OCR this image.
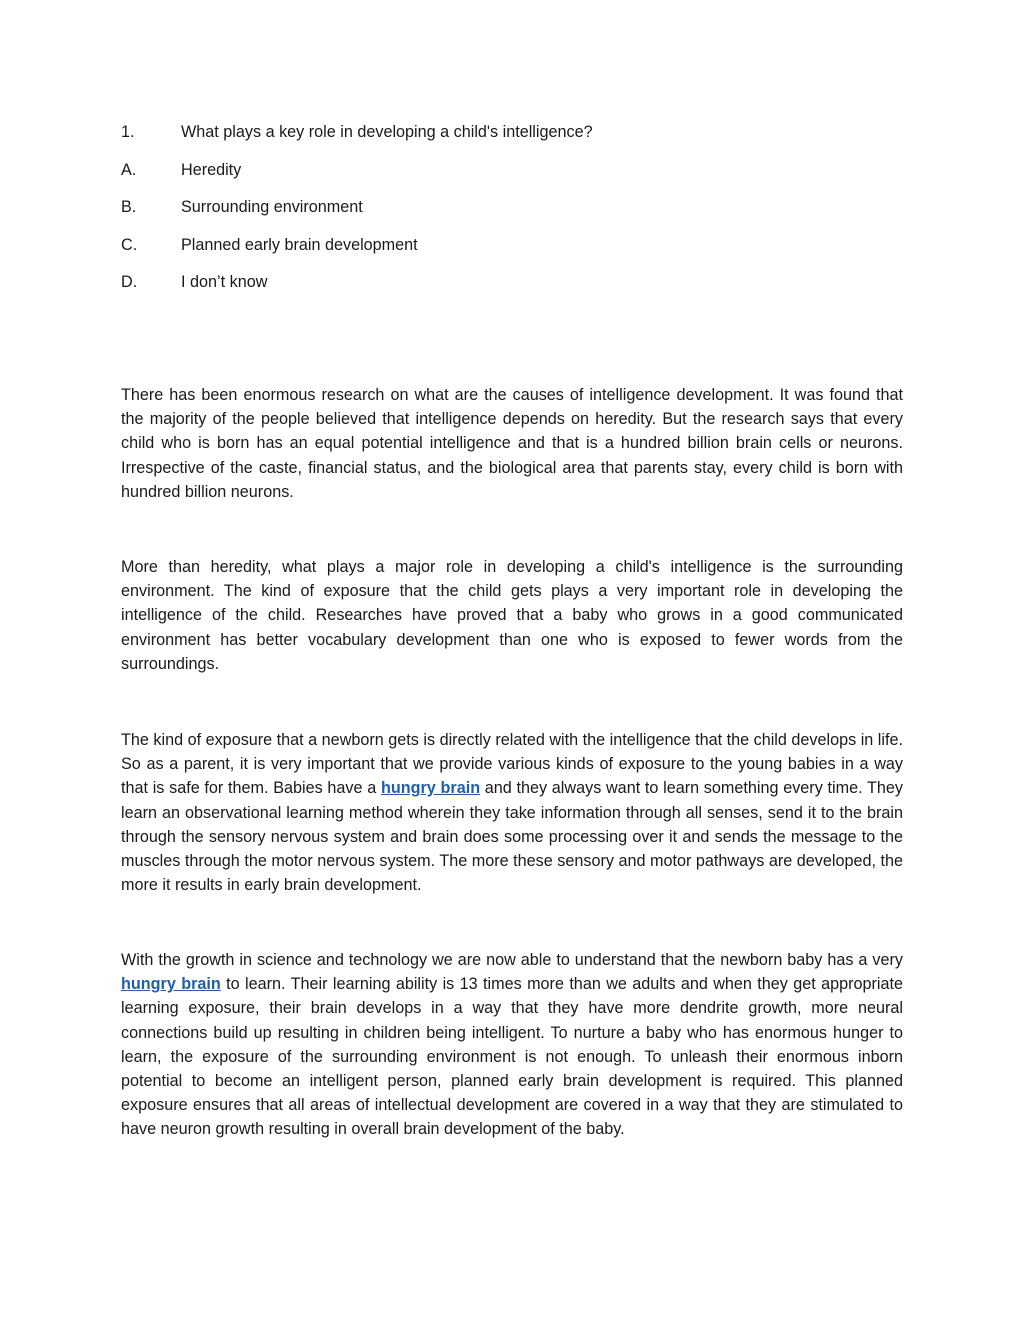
1.	What plays a key role in developing a child's intelligence?
A.	Heredity
B.	Surrounding environment
C.	Planned early brain development
D.	I don’t know

There has been enormous research on what are the causes of intelligence development. It was found that the majority of the people believed that intelligence depends on heredity. But the research says that every child who is born has an equal potential intelligence and that is a hundred billion brain cells or neurons. Irrespective of the caste, financial status, and the biological area that parents stay, every child is born with hundred billion neurons.

More than heredity, what plays a major role in developing a child's intelligence is the surrounding environment. The kind of exposure that the child gets plays a very important role in developing the intelligence of the child. Researches have proved that a baby who grows in a good communicated environment has better vocabulary development than one who is exposed to fewer words from the surroundings.

The kind of exposure that a newborn gets is directly related with the intelligence that the child develops in life. So as a parent, it is very important that we provide various kinds of exposure to the young babies in a way that is safe for them. Babies have a hungry brain and they always want to learn something every time. They learn an observational learning method wherein they take information through all senses, send it to the brain through the sensory nervous system and brain does some processing over it and sends the message to the muscles through the motor nervous system. The more these sensory and motor pathways are developed, the more it results in early brain development.

With the growth in science and technology we are now able to understand that the newborn baby has a very hungry brain to learn. Their learning ability is 13 times more than we adults and when they get appropriate learning exposure, their brain develops in a way that they have more dendrite growth, more neural connections build up resulting in children being intelligent. To nurture a baby who has enormous hunger to learn, the exposure of the surrounding environment is not enough. To unleash their enormous inborn potential to become an intelligent person, planned early brain development is required. This planned exposure ensures that all areas of intellectual development are covered in a way that they are stimulated to have neuron growth resulting in overall brain development of the baby.
